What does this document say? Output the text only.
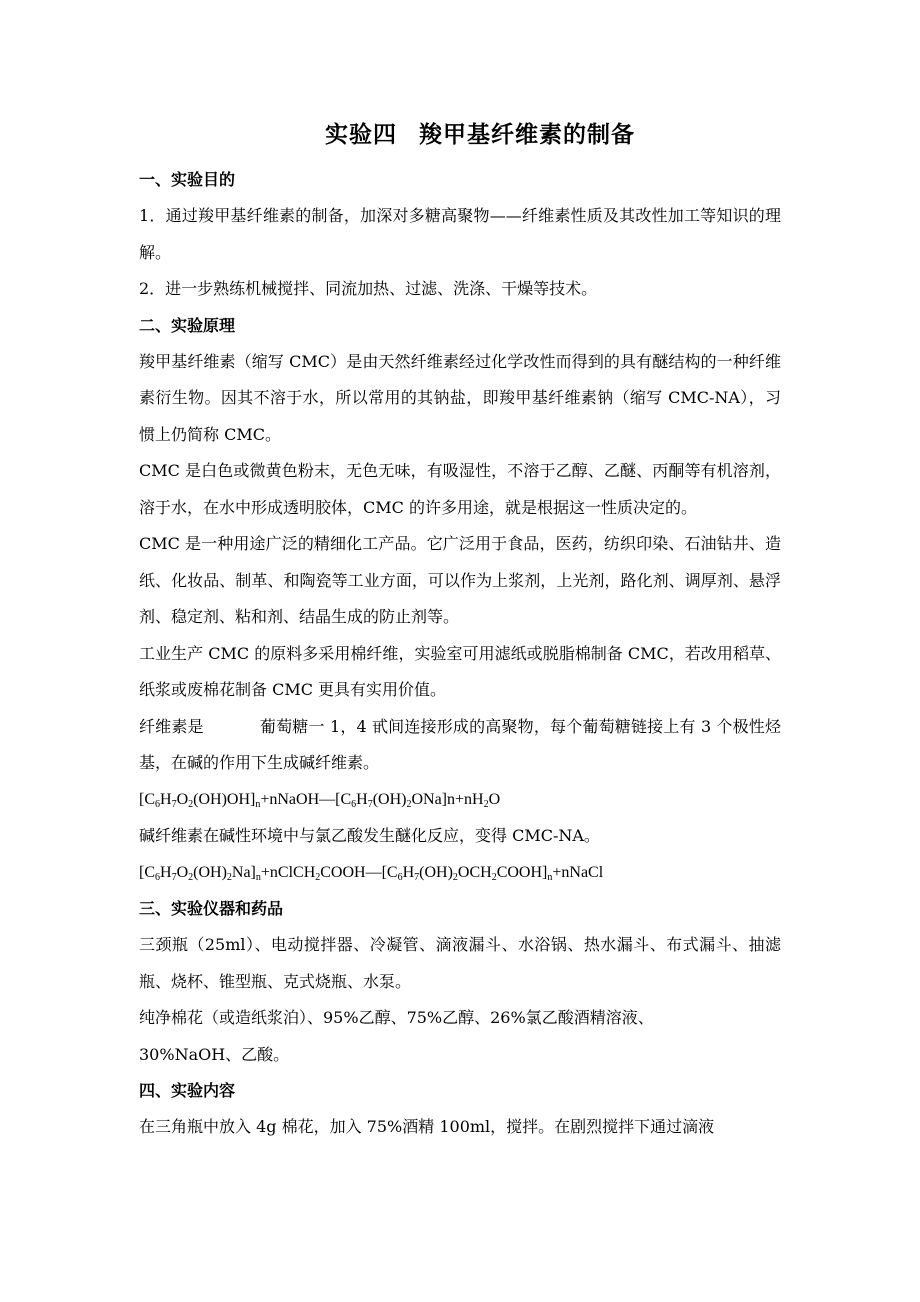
实验四 羧甲基纤维素的制备
一、实验目的

1．通过羧甲基纤维素的制备，加深对多糖高聚物——纤维素性质及其改性加工等知识的理解。

2．进一步熟练机械搅拌、同流加热、过滤、洗涤、干燥等技术。

二、实验原理

羧甲基纤维素（缩写 CMC）是由天然纤维素经过化学改性而得到的具有醚结构的一种纤维素衍生物。因其不溶于水，所以常用的其钠盐，即羧甲基纤维素钠（缩写 CMC-NA），习惯上仍简称 CMC。

CMC 是白色或微黄色粉末，无色无味，有吸湿性，不溶于乙醇、乙醚、丙酮等有机溶剂，溶于水，在水中形成透明胶体，CMC 的许多用途，就是根据这一性质决定的。

CMC 是一种用途广泛的精细化工产品。它广泛用于食品，医药，纺织印染、石油钻井、造纸、化妆品、制革、和陶瓷等工业方面，可以作为上浆剂，上光剂，路化剂、调厚剂、悬浮剂、稳定剂、粘和剂、结晶生成的防止剂等。

工业生产 CMC 的原料多采用棉纤维，实验室可用滤纸或脱脂棉制备 CMC，若改用稻草、纸浆或废棉花制备 CMC 更具有实用价值。

纤维素是	葡萄糖一 1，4 甙间连接形成的高聚物，每个葡萄糖链接上有 3 个极性烃基，在碱的作用下生成碱纤维素。

$[C_6H_7O_2(OH)OH]_n+nNaOH—[C_6H_7(OH)_2ONa]n+nH_2O$

碱纤维素在碱性环境中与氯乙酸发生醚化反应，变得 CMC-NA。

$[C_6H_7O_2(OH)_2Na]_n+nClCH_2COOH—[C_6H_7(OH)_2OCH_2COOH]_n+nNaCl$
三、实验仪器和药品

三颈瓶（25ml）、电动搅拌器、冷凝管、滴液漏斗、水浴锅、热水漏斗、布式漏斗、抽滤瓶、烧杯、锥型瓶、克式烧瓶、水泵。

纯净棉花（或造纸浆泊）、95%乙醇、75%乙醇、26%氯乙酸酒精溶液、

30%NaOH、乙酸。

四、实验内容

在三角瓶中放入 4g 棉花，加入 75%酒精 100ml，搅拌。在剧烈搅拌下通过滴液
